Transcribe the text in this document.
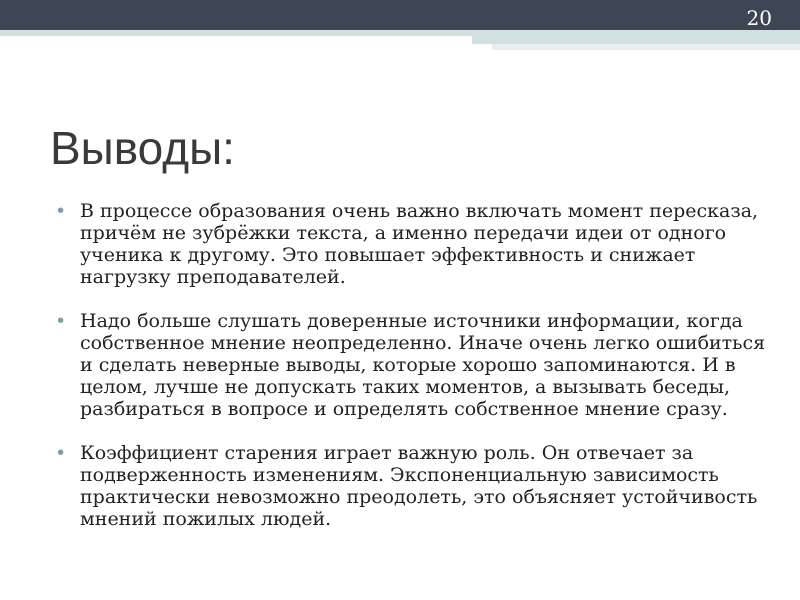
20
Выводы:
• В процессе образования очень важно включать момент пересказа, причём не зубрёжки текста, а именно передачи идеи от одного ученика к другому. Это повышает эффективность и снижает нагрузку преподавателей.
• Надо больше слушать доверенные источники информации, когда собственное мнение неопределенно. Иначе очень легко ошибиться и сделать неверные выводы, которые хорошо запоминаются. И в целом, лучше не допускать таких моментов, а вызывать беседы, разбираться в вопросе и определять собственное мнение сразу.
• Коэффициент старения играет важную роль. Он отвечает за подверженность изменениям. Экспоненциальную зависимость практически невозможно преодолеть, это объясняет устойчивость мнений пожилых людей.
